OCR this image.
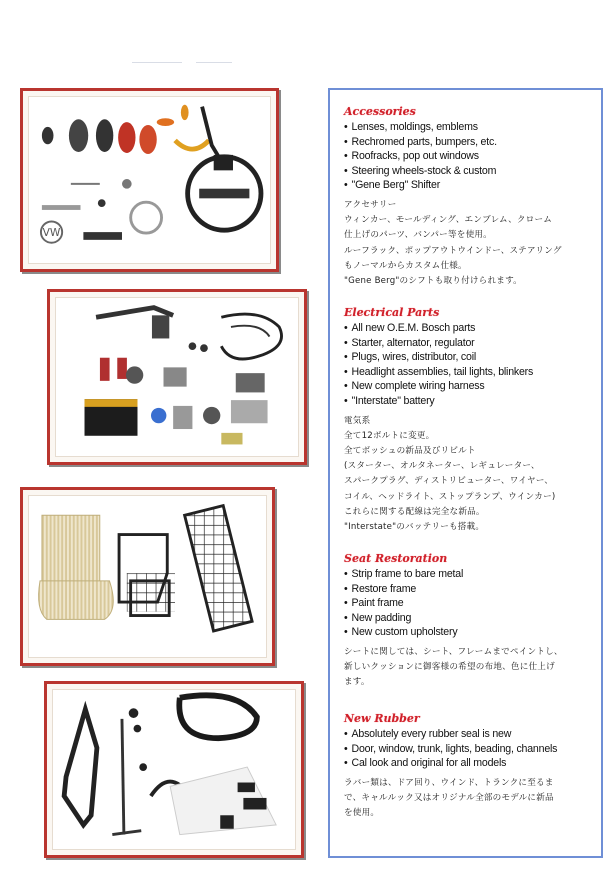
VW
Accessories
• Lenses, moldings, emblems
• Rechromed parts, bumpers, etc.
• Roofracks, pop out windows
• Steering wheels-stock & custom
• "Gene Berg" Shifter
アクセサリー
ウィンカー、モールディング、エンブレム、クローム
仕上げのパーツ、バンパー等を使用。
ルーフラック、ポップアウトウインドー、ステアリング
もノーマルからカスタム仕様。
"Gene Berg"のシフトも取り付けられます。
Electrical Parts
• All new O.E.M. Bosch parts
• Starter, alternator, regulator
• Plugs, wires, distributor, coil
• Headlight assemblies, tail lights, blinkers
• New complete wiring harness
• "Interstate" battery
電気系
全て12ボルトに変更。
全てボッシュの新品及びリビルト
(スターター、オルタネーター、レギュレーター、
スパークプラグ、ディストリビューター、ワイヤー、
コイル、ヘッドライト、ストップランプ、ウインカー)
これらに関する配線は完全な新品。
"Interstate"のバッテリーも搭載。
Seat Restoration
• Strip frame to bare metal
• Restore frame
• Paint frame
• New padding
• New custom upholstery
シートに関しては、シート、フレームまでペイントし、
新しいクッションに御客様の希望の布地、色に仕上げ
ます。
New Rubber
• Absolutely every rubber seal is new
• Door, window, trunk, lights, beading, channels
• Cal look and original for all models
ラバー類は、ドア回り、ウインド、トランクに至るま
で、キャルルック又はオリジナル全部のモデルに新品
を使用。
